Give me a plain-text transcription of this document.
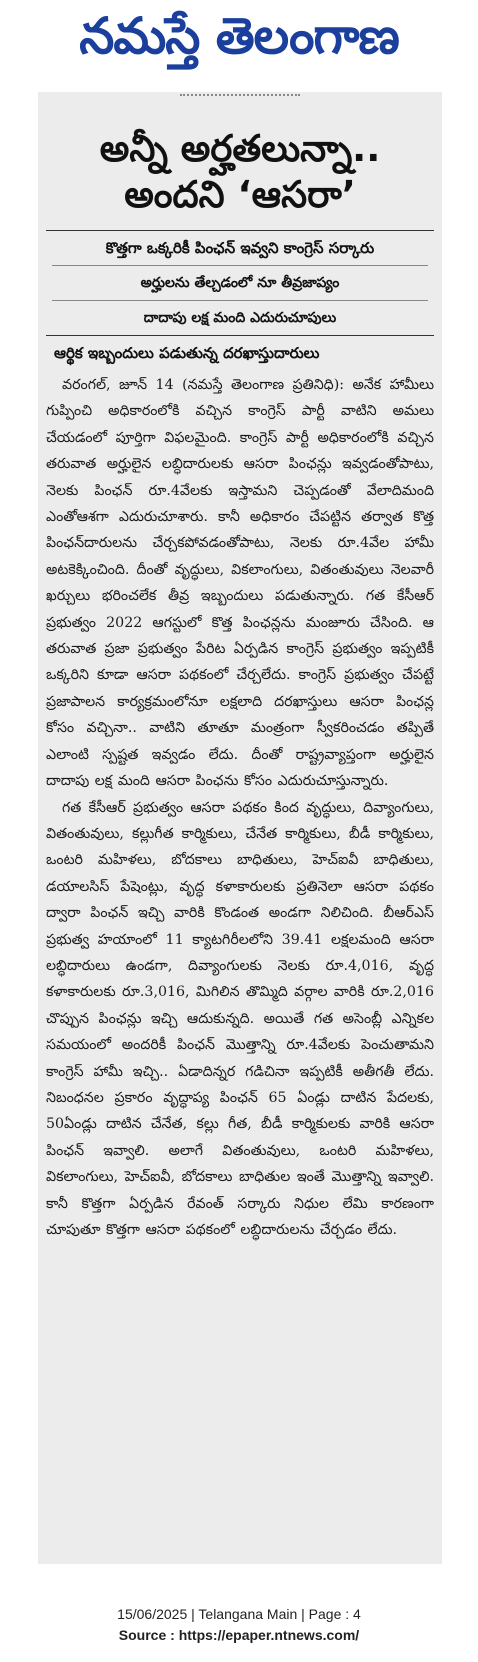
నమస్తే తెలంగాణ
అన్నీ అర్హతలున్నా..
అందని ‘ఆసరా’
కొత్తగా ఒక్కరికీ పింఛన్ ఇవ్వని కాంగ్రెస్ సర్కారు
అర్హులను తేల్చడంలో నూ తీవ్రజాప్యం
దాదాపు లక్ష మంది ఎదురుచూపులు
ఆర్థిక ఇబ్బందులు పడుతున్న దరఖాస్తుదారులు

వరంగల్, జూన్ 14 (నమస్తే తెలంగాణ ప్రతినిధి): అనేక హామీలు గుప్పించి అధికారంలోకి వచ్చిన కాంగ్రెస్ పార్టీ వాటిని అమలు చేయడంలో పూర్తిగా విఫలమైంది. కాంగ్రెస్ పార్టీ అధికారంలోకి వచ్చిన తరువాత అర్హులైన లబ్ధిదారులకు ఆసరా పింఛన్లు ఇవ్వడంతోపాటు, నెలకు పింఛన్ రూ.4వేలకు ఇస్తామని చెప్పడంతో వేలాదిమంది ఎంతోఆశగా ఎదురుచూశారు. కానీ అధికారం చేపట్టిన తర్వాత కొత్త పింఛన్‌దారులను చేర్చకపోవడంతోపాటు, నెలకు రూ.4వేల హామీ అటకెక్కించింది. దీంతో వృద్ధులు, వికలాంగులు, వితంతువులు నెలవారీ ఖర్చులు భరించలేక తీవ్ర ఇబ్బందులు పడుతున్నారు. గత కేసీఆర్ ప్రభుత్వం 2022 ఆగస్టులో కొత్త పింఛన్లను మంజూరు చేసింది. ఆ తరువాత ప్రజా ప్రభుత్వం పేరిట ఏర్పడిన కాంగ్రెస్ ప్రభుత్వం ఇప్పటికీ ఒక్కరిని కూడా ఆసరా పథకంలో చేర్చలేదు. కాంగ్రెస్ ప్రభుత్వం చేపట్టే ప్రజాపాలన కార్యక్రమంలోనూ లక్షలాది దరఖాస్తులు ఆసరా పింఛన్ల కోసం వచ్చినా.. వాటిని తూతూ మంత్రంగా స్వీకరించడం తప్పితే ఎలాంటి స్పష్టత ఇవ్వడం లేదు. దీంతో రాష్ట్రవ్యాప్తంగా అర్హులైన దాదాపు లక్ష మంది ఆసరా పింఛను కోసం ఎదురుచూస్తున్నారు.

గత కేసీఆర్ ప్రభుత్వం ఆసరా పథకం కింద వృద్ధులు, దివ్యాంగులు, వితంతువులు, కల్లుగీత కార్మికులు, చేనేత కార్మికులు, బీడీ కార్మికులు, ఒంటరి మహిళలు, బోదకాలు బాధితులు, హెచ్ఐవీ బాధితులు, డయాలసిస్ పేషెంట్లు, వృద్ధ కళాకారులకు ప్రతినెలా ఆసరా పథకం ద్వారా పింఛన్ ఇచ్చి వారికి కొండంత అండగా నిలిచింది. బీఆర్ఎస్ ప్రభుత్వ హయాంలో 11 క్యాటగిరీలలోని 39.41 లక్షలమంది ఆసరా లబ్ధిదారులు ఉండగా, దివ్యాంగులకు నెలకు రూ.4,016, వృద్ధ కళాకారులకు రూ.3,016, మిగిలిన తొమ్మిది వర్గాల వారికి రూ.2,016 చొప్పున పింఛన్లు ఇచ్చి ఆదుకున్నది. అయితే గత అసెంబ్లీ ఎన్నికల సమయంలో అందరికీ పింఛన్ మొత్తాన్ని రూ.4వేలకు పెంచుతామని కాంగ్రెస్ హామీ ఇచ్చి.. ఏడాదిన్నర గడిచినా ఇప్పటికీ అతీగతీ లేదు. నిబంధనల ప్రకారం వృద్ధాప్య పింఛన్ 65 ఏండ్లు దాటిన పేదలకు, 50ఏండ్లు దాటిన చేనేత, కల్లు గీత, బీడీ కార్మికులకు వారికి ఆసరా పింఛన్ ఇవ్వాలి. అలాగే వితంతువులు, ఒంటరి మహిళలు, వికలాంగులు, హెచ్ఐవీ, బోదకాలు బాధితుల ఇంతే మొత్తాన్ని ఇవ్వాలి. కానీ కొత్తగా ఏర్పడిన రేవంత్ సర్కారు నిధుల లేమి కారణంగా చూపుతూ కొత్తగా ఆసరా పథకంలో లబ్ధిదారులను చేర్చడం లేదు.

15/06/2025 | Telangana Main | Page : 4
Source : https://epaper.ntnews.com/
